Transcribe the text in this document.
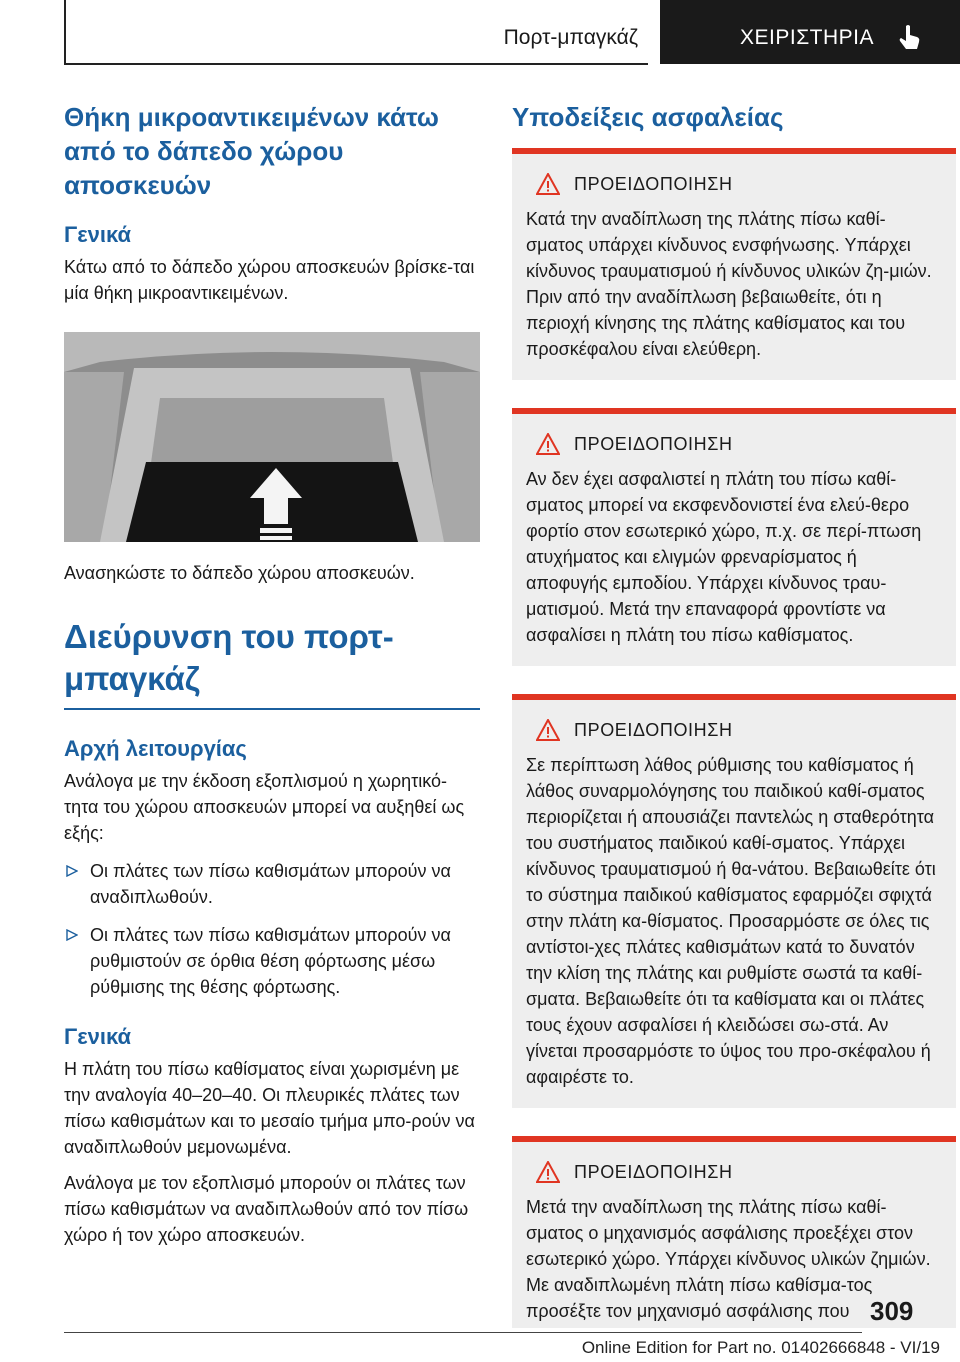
Πορτ-μπαγκάζ	ΧΕΙΡΙΣΤΗΡΙΑ
Θήκη μικροαντικειμένων κάτω από το δάπεδο χώρου αποσκευών
Γενικά

Κάτω από το δάπεδο χώρου αποσκευών βρίσκε-ται μία θήκη μικροαντικειμένων.

Ανασηκώστε το δάπεδο χώρου αποσκευών.

Διεύρυνση του πορτ-μπαγκάζ
Αρχή λειτουργίας

Ανάλογα με την έκδοση εξοπλισμού η χωρητικό-τητα του χώρου αποσκευών μπορεί να αυξηθεί ως εξής:

Οι πλάτες των πίσω καθισμάτων μπορούν να αναδιπλωθούν.
Οι πλάτες των πίσω καθισμάτων μπορούν να ρυθμιστούν σε όρθια θέση φόρτωσης μέσω ρύθμισης της θέσης φόρτωσης.
Γενικά

Η πλάτη του πίσω καθίσματος είναι χωρισμένη με την αναλογία 40–20–40. Οι πλευρικές πλάτες των πίσω καθισμάτων και το μεσαίο τμήμα μπο-ρούν να αναδιπλωθούν μεμονωμένα.

Ανάλογα με τον εξοπλισμό μπορούν οι πλάτες των πίσω καθισμάτων να αναδιπλωθούν από τον πίσω χώρο ή τον χώρο αποσκευών.

Υποδείξεις ασφαλείας
ΠΡΟΕΙΔΟΠΟΙΗΣΗ

Κατά την αναδίπλωση της πλάτης πίσω καθί-σματος υπάρχει κίνδυνος ενσφήνωσης. Υπάρχει κίνδυνος τραυματισμού ή κίνδυνος υλικών ζη-μιών. Πριν από την αναδίπλωση βεβαιωθείτε, ότι η περιοχή κίνησης της πλάτης καθίσματος και του προσκέφαλου είναι ελεύθερη.

ΠΡΟΕΙΔΟΠΟΙΗΣΗ

Αν δεν έχει ασφαλιστεί η πλάτη του πίσω καθί-σματος μπορεί να εκσφενδονιστεί ένα ελεύ-θερο φορτίο στον εσωτερικό χώρο, π.χ. σε περί-πτωση ατυχήματος και ελιγμών φρεναρίσματος ή αποφυγής εμποδίου. Υπάρχει κίνδυνος τραυ-ματισμού. Μετά την επαναφορά φροντίστε να ασφαλίσει η πλάτη του πίσω καθίσματος.

ΠΡΟΕΙΔΟΠΟΙΗΣΗ

Σε περίπτωση λάθος ρύθμισης του καθίσματος ή λάθος συναρμολόγησης του παιδικού καθί-σματος περιορίζεται ή απουσιάζει παντελώς η σταθερότητα του συστήματος παιδικού καθί-σματος. Υπάρχει κίνδυνος τραυματισμού ή θα-νάτου. Βεβαιωθείτε ότι το σύστημα παιδικού καθίσματος εφαρμόζει σφιχτά στην πλάτη κα-θίσματος. Προσαρμόστε σε όλες τις αντίστοι-χες πλάτες καθισμάτων κατά το δυνατόν την κλίση της πλάτης και ρυθμίστε σωστά τα καθί-σματα. Βεβαιωθείτε ότι τα καθίσματα και οι πλάτες τους έχουν ασφαλίσει ή κλειδώσει σω-στά. Αν γίνεται προσαρμόστε το ύψος του προ-σκέφαλου ή αφαιρέστε το.

ΠΡΟΕΙΔΟΠΟΙΗΣΗ

Μετά την αναδίπλωση της πλάτης πίσω καθί-σματος ο μηχανισμός ασφάλισης προεξέχει στον εσωτερικό χώρο. Υπάρχει κίνδυνος υλικών ζημιών. Με αναδιπλωμένη πλάτη πίσω καθίσμα-τος προσέξτε τον μηχανισμό ασφάλισης που 309
Online Edition for Part no. 01402666848 - VI/19
